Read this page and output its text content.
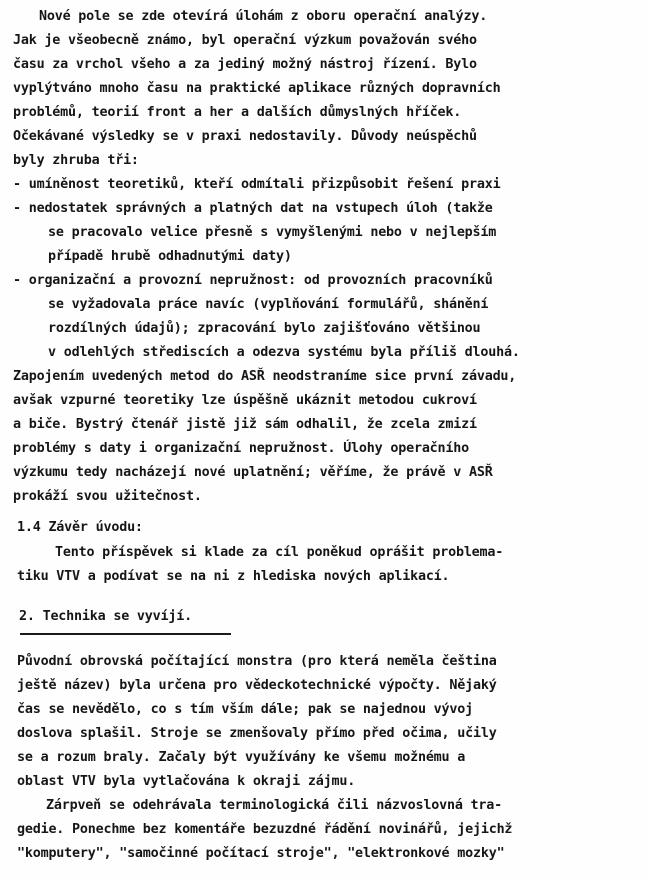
Nové pole se zde otevírá úlohám z oboru operační analýzy.
Jak je všeobecně známo, byl operační výzkum považován svého
času za vrchol všeho a za jediný možný nástroj řízení. Bylo
vyplýtváno mnoho času na praktické aplikace různých dopravních
problémů, teorií front a her a dalších důmyslných hříček.
Očekávané výsledky se v praxi nedostavily. Důvody neúspěchů
byly zhruba tři:
- umíněnost teoretiků, kteří odmítali přizpůsobit řešení praxi
- nedostatek správných a platných dat na vstupech úloh (takže
se pracovalo velice přesně s vymyšlenými nebo v nejlepším
případě hrubě odhadnutými daty)
- organizační a provozní nepružnost: od provozních pracovníků
se vyžadovala práce navíc (vyplňování formulářů, shánění
rozdílných údajů); zpracování bylo zajišťováno většinou
v odlehlých střediscích a odezva systému byla příliš dlouhá.
Zapojením uvedených metod do ASŘ neodstraníme sice první závadu,
avšak vzpurné teoretiky lze úspěšně ukáznit metodou cukroví
a biče. Bystrý čtenář jistě již sám odhalil, že zcela zmizí
problémy s daty i organizační nepružnost. Úlohy operačního
výzkumu tedy nacházejí nové uplatnění; věříme, že právě v ASŘ
prokáží svou užitečnost.
1.4 Závěr úvodu:
Tento příspěvek si klade za cíl poněkud oprášit problema-
tiku VTV a podívat se na ni z hlediska nových aplikací.
2. Technika se vyvíjí.
Původní obrovská počítající monstra (pro která neměla čeština
ještě název) byla určena pro vědeckotechnické výpočty. Nějaký
čas se nevědělo, co s tím vším dále; pak se najednou vývoj
doslova splašil. Stroje se zmenšovaly přímo před očima, učily
se a rozum braly. Začaly být využívány ke všemu možnému a
oblast VTV byla vytlačována k okraji zájmu.
Zárpveň se odehrávala terminologická čili názvoslovná tra-
gedie. Ponechme bez komentáře bezuzdné řádění novinářů, jejichž
"komputery", "samočinné počítací stroje", "elektronkové mozky"
